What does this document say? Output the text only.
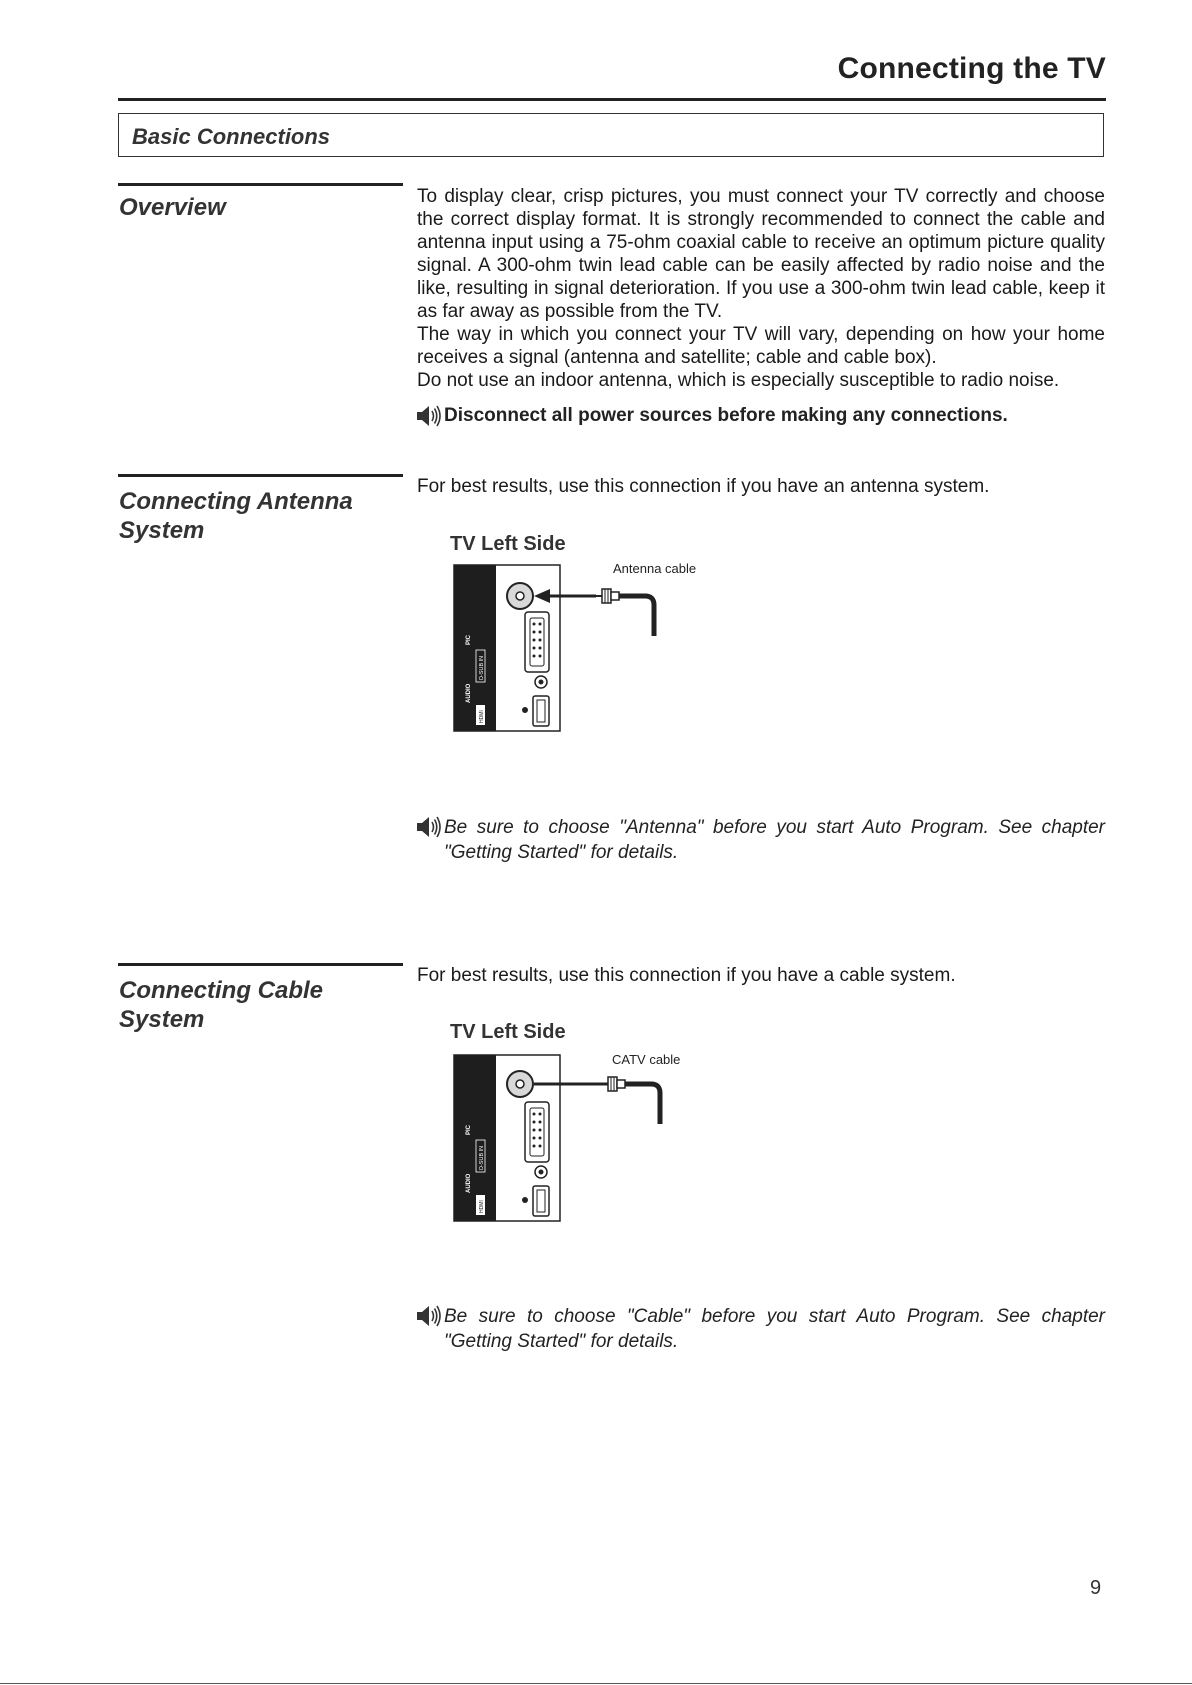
Connecting the TV
Basic Connections
Overview	To display clear, crisp pictures, you must connect your TV correctly and choose the correct display format. It is strongly recommended to connect the cable and antenna input using a 75-ohm coaxial cable to receive an optimum picture quality signal. A 300-ohm twin lead cable can be easily affected by radio noise and the like, resulting in signal deterioration. If you use a 300-ohm twin lead cable, keep it as far away as possible from the TV.

The way in which you connect your TV will vary, depending on how your home receives a signal (antenna and satellite; cable and cable box).

Do not use an indoor antenna, which is especially susceptible to radio noise.

Disconnect all power sources before making any connections.
Connecting Antenna
System
For best results, use this connection if you have an antenna system.
TV Left Side
Antenna cable
PIC
D-SUB IN
AUDIO
HDMI
Be sure to choose "Antenna" before you start Auto Program. See chapter "Getting Started" for details.
Connecting Cable
System
For best results, use this connection if you have a cable system.
TV Left Side
CATV cable
PIC
D-SUB IN
AUDIO
HDMI
Be sure to choose "Cable" before you start Auto Program. See chapter "Getting Started" for details.
9
